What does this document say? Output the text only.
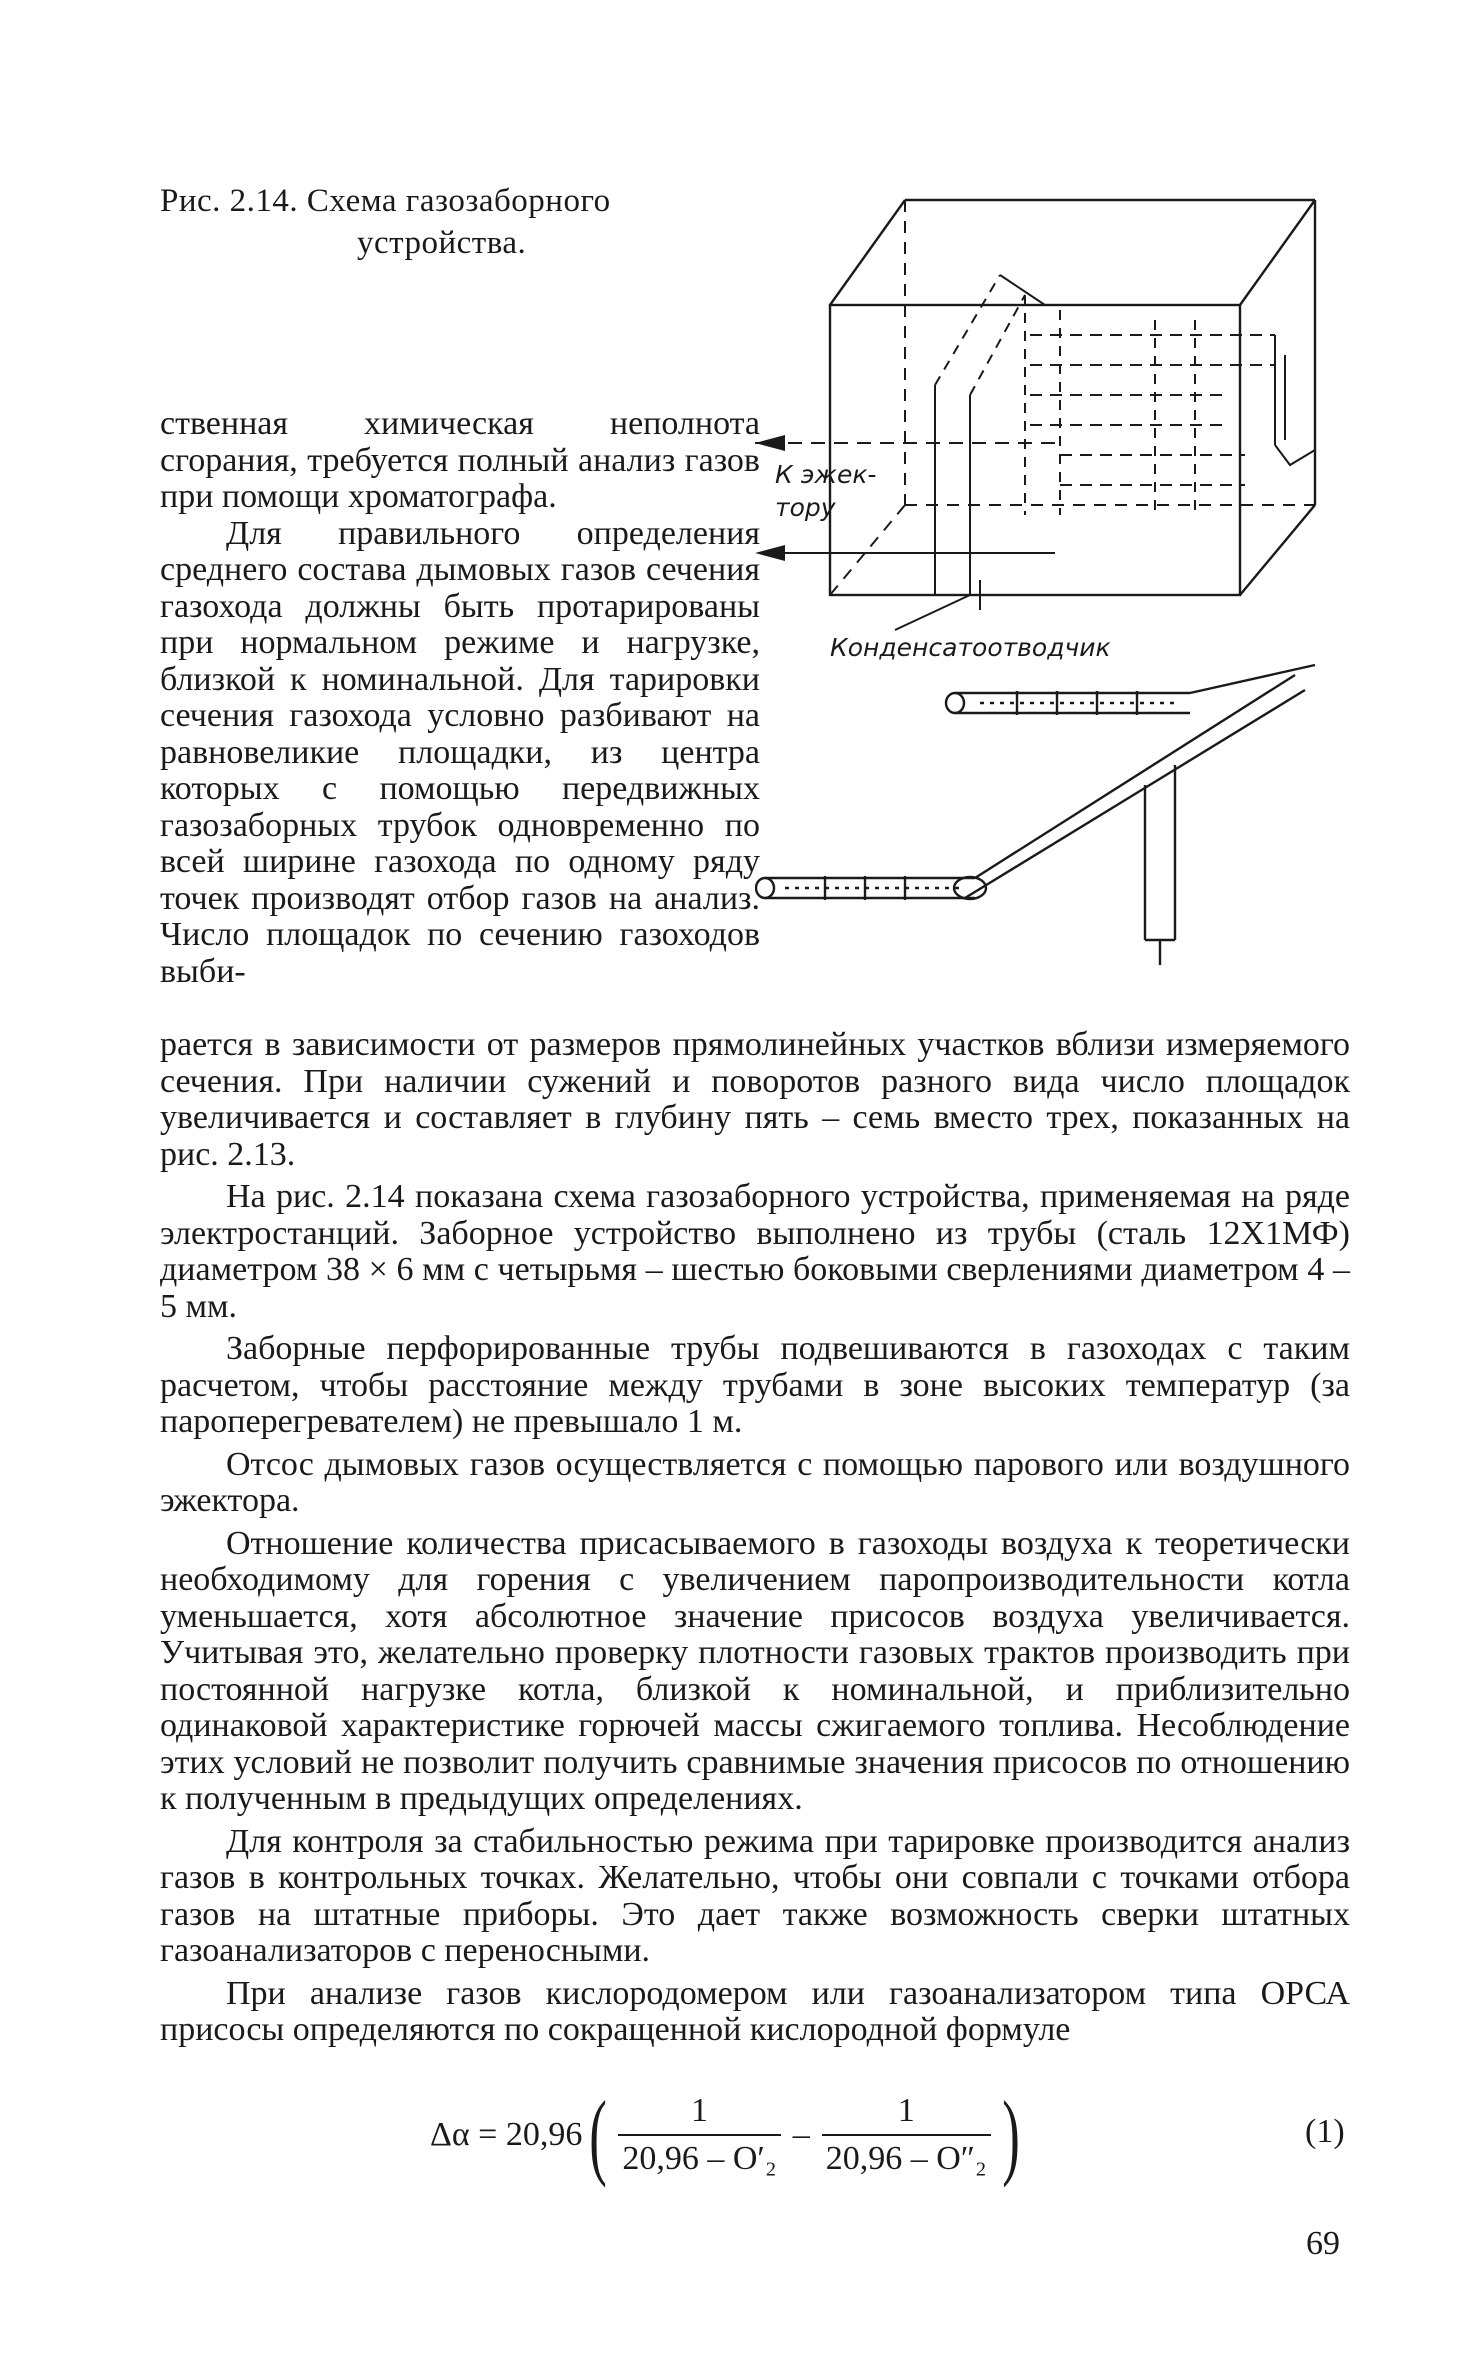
Рис. 2.14. Схема газозаборного
устройства.
К эжек-
тору
Конденсатоотводчик

ственная химическая неполнота сгорания, требуется полный анализ газов при помощи хроматографа.

Для правильного определения среднего состава дымовых газов сечения газохода должны быть протарированы при нормальном режиме и нагрузке, близкой к номинальной. Для тарировки сечения газохода условно разбивают на равновеликие площадки, из центра которых с помощью передвижных газозаборных трубок одновременно по всей ширине газохода по одному ряду точек производят отбор газов на анализ. Число площадок по сечению газоходов выби-

рается в зависимости от размеров прямолинейных участков вблизи измеряемого сечения. При наличии сужений и поворотов разного вида число площадок увеличивается и составляет в глубину пять – семь вместо трех, показанных на рис. 2.13.

На рис. 2.14 показана схема газозаборного устройства, применяемая на ряде электростанций. Заборное устройство выполнено из трубы (сталь 12Х1МФ) диаметром 38 × 6 мм с четырьмя – шестью боковыми сверлениями диаметром 4 – 5 мм.

Заборные перфорированные трубы подвешиваются в газоходах с таким расчетом, чтобы расстояние между трубами в зоне высоких температур (за пароперегревателем) не превышало 1 м.

Отсос дымовых газов осуществляется с помощью парового или воздушного эжектора.

Отношение количества присасываемого в газоходы воздуха к теоретически необходимому для горения с увеличением паропроизводительности котла уменьшается, хотя абсолютное значение присосов воздуха увеличивается. Учитывая это, желательно проверку плотности газовых трактов производить при постоянной нагрузке котла, близкой к номинальной, и приблизительно одинаковой характеристике горючей массы сжигаемого топлива. Несоблюдение этих условий не позволит получить сравнимые значения присосов по отношению к полученным в предыдущих определениях.

Для контроля за стабильностью режима при тарировке производится анализ газов в контрольных точках. Желательно, чтобы они совпали с точками отбора газов на штатные приборы. Это дает также возможность сверки штатных газоанализаторов с переносными.

При анализе газов кислородомером или газоанализатором типа ОРСА присосы определяются по сокращенной кислородной формуле

Δα = 20,96 ( $\frac{1}{\text{20,96 – O′₂}} - \frac{1}{\text{20,96 – O″₂}}$ )	(1)
69
